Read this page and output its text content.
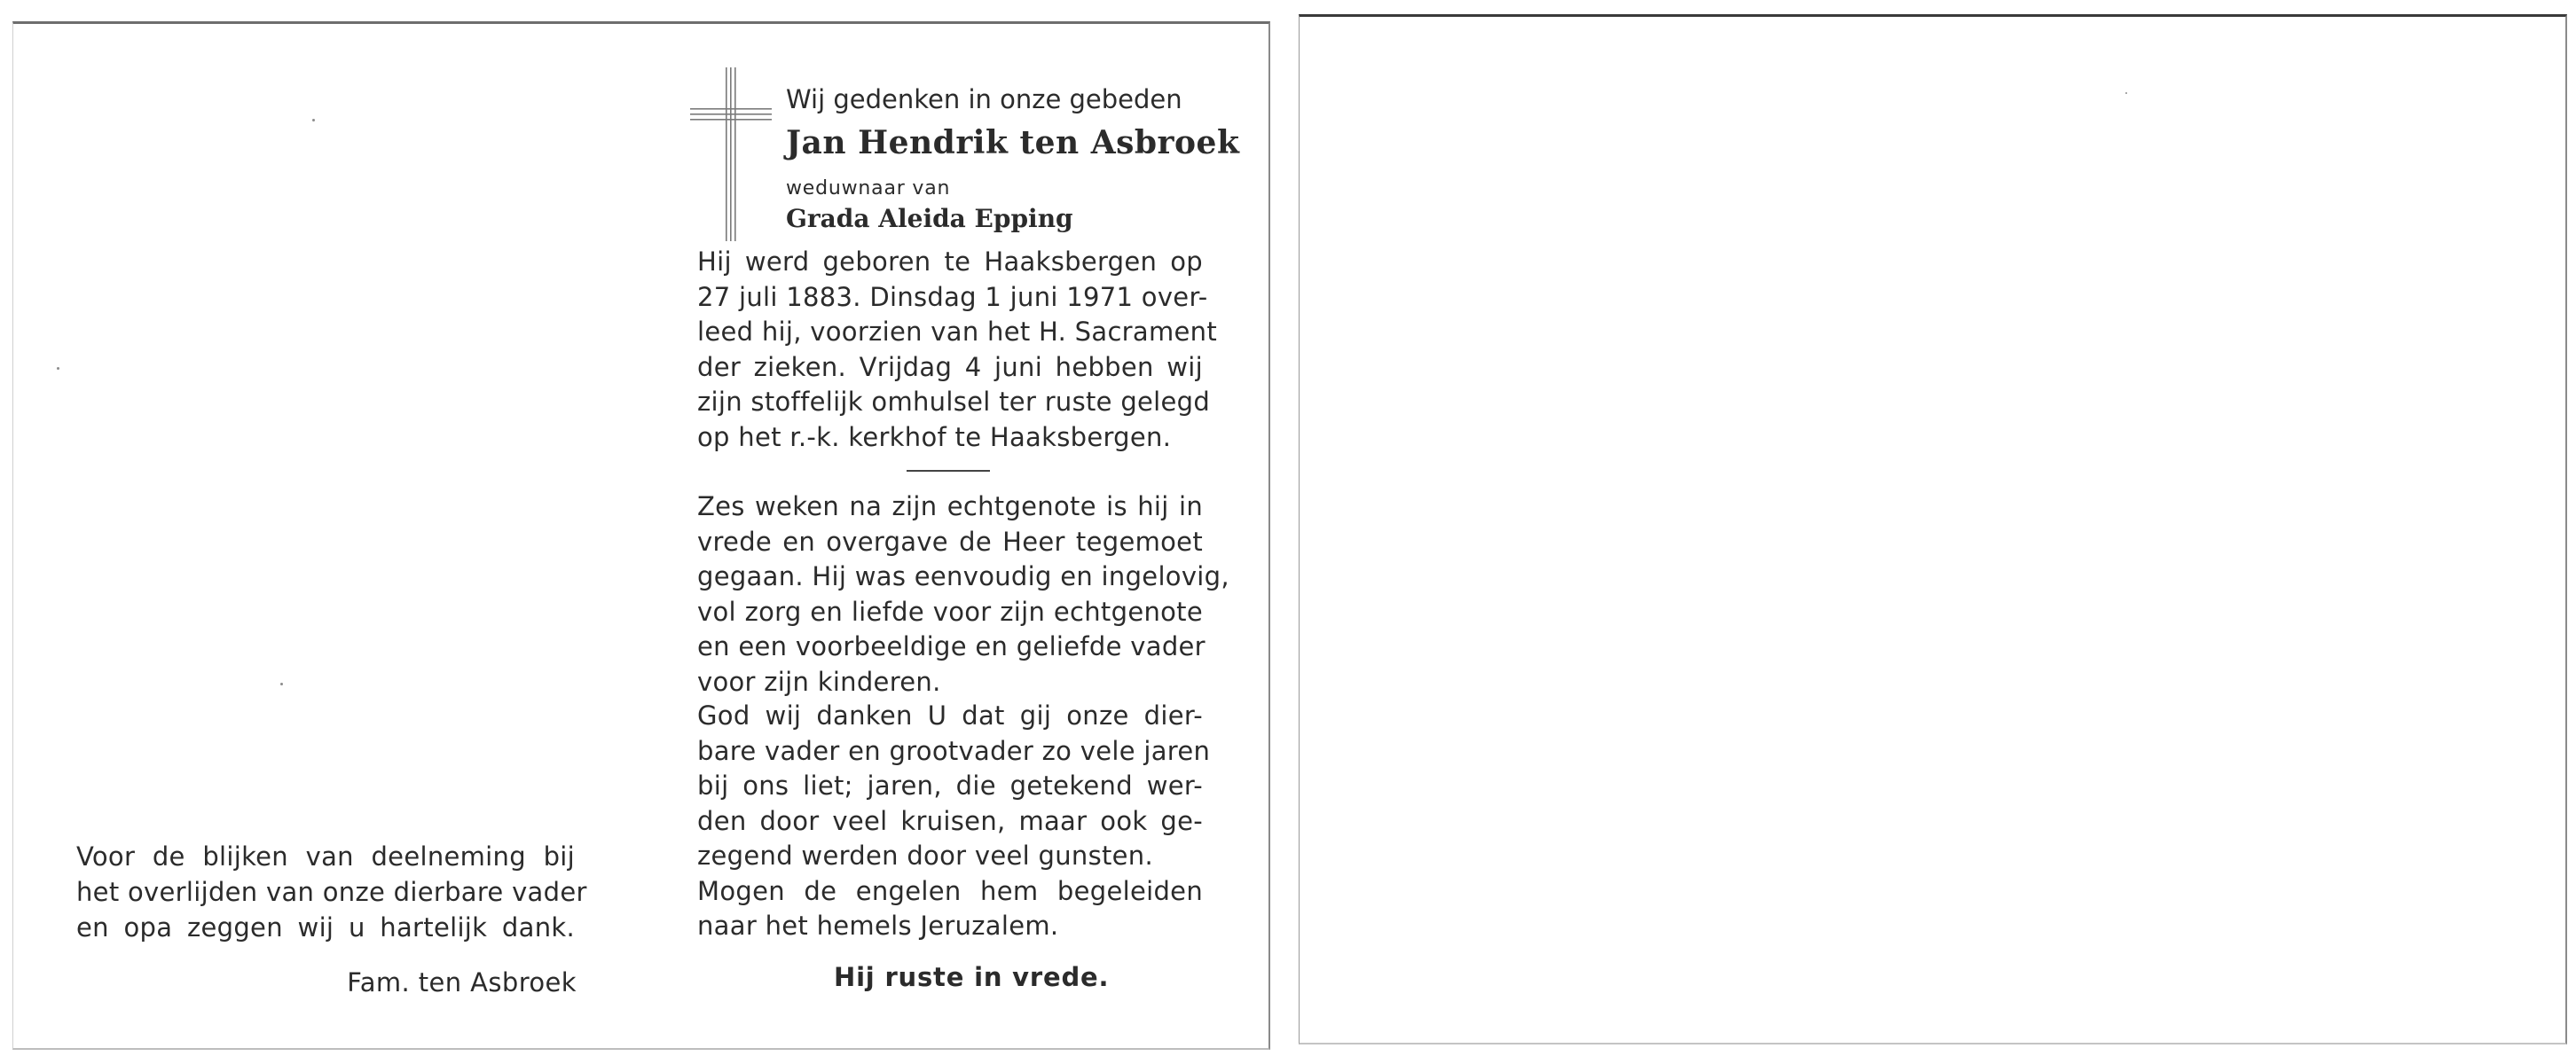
Wij gedenken in onze gebeden
Jan Hendrik ten Asbroek
weduwnaar van
Grada Aleida Epping
Hij werd geboren te Haaksbergen op
27 juli 1883. Dinsdag 1 juni 1971 over-
leed hij, voorzien van het H. Sacrament
der zieken. Vrijdag 4 juni hebben wij
zijn stoffelijk omhulsel ter ruste gelegd
op het r.-k. kerkhof te Haaksbergen.
Zes weken na zijn echtgenote is hij in
vrede en overgave de Heer tegemoet
gegaan. Hij was eenvoudig en ingelovig,
vol zorg en liefde voor zijn echtgenote
en een voorbeeldige en geliefde vader
voor zijn kinderen.
God wij danken U dat gij onze dier-
bare vader en grootvader zo vele jaren
bij ons liet; jaren, die getekend wer-
den door veel kruisen, maar ook ge-
zegend werden door veel gunsten.
Mogen de engelen hem begeleiden
naar het hemels Jeruzalem.
Hij ruste in vrede.
Voor de blijken van deelneming bij
het overlijden van onze dierbare vader
en opa zeggen wij u hartelijk dank.
Fam. ten Asbroek
